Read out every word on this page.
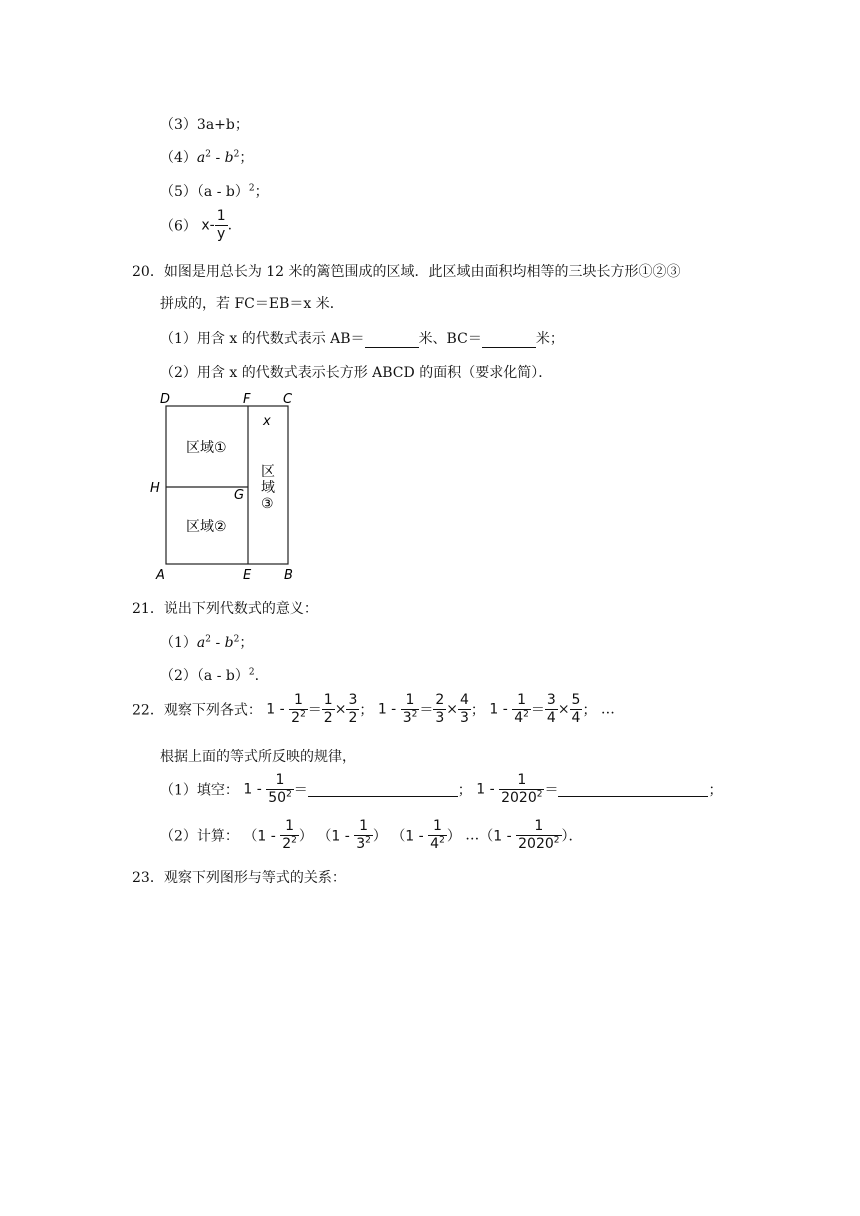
（3）3a+b；
$(4)a^2 - b^2$；
（5）（a - b）$^2$；
（6） $x- \frac{1}{y}$ .
20．如图是用总长为 12 米的篱笆围成的区域．此区域由面积均相等的三块长方形①②③
拼成的，若 FC＝EB＝x 米．
（1）用含 x 的代数式表示 AB＝	米、BC＝	米；
（2）用含 x 的代数式表示长方形 ABCD 的面积（要求化简）．
D	F	C
x
H	G
A	E	B
区域①
区域②
区
域
③
21．说出下列代数式的意义：
$(1)a^2 - b^2$；
（2）（a - b）$^2$.
22．观察下列各式： $1 - \frac{1}{2^2} = \frac{1}{2} \times \frac{3}{2}$ ； $1 - \frac{1}{3^2} = \frac{2}{3} \times \frac{4}{3}$ ； $1 - \frac{1}{4^2} = \frac{3}{4} \times \frac{5}{4}$ ； …
根据上面的等式所反映的规律，
（1）填空： $1 - \frac{1}{50^2}$ ＝	； $1 - \frac{1}{2020^2}$ ＝	；
（2）计算： （$1 - \frac{1}{2^2}$ ） （$1 - \frac{1}{3^2}$ ） （$1 - \frac{1}{4^2}$ ） …（1 - $\frac{1}{2020^2}$ ）．
23．观察下列图形与等式的关系：
